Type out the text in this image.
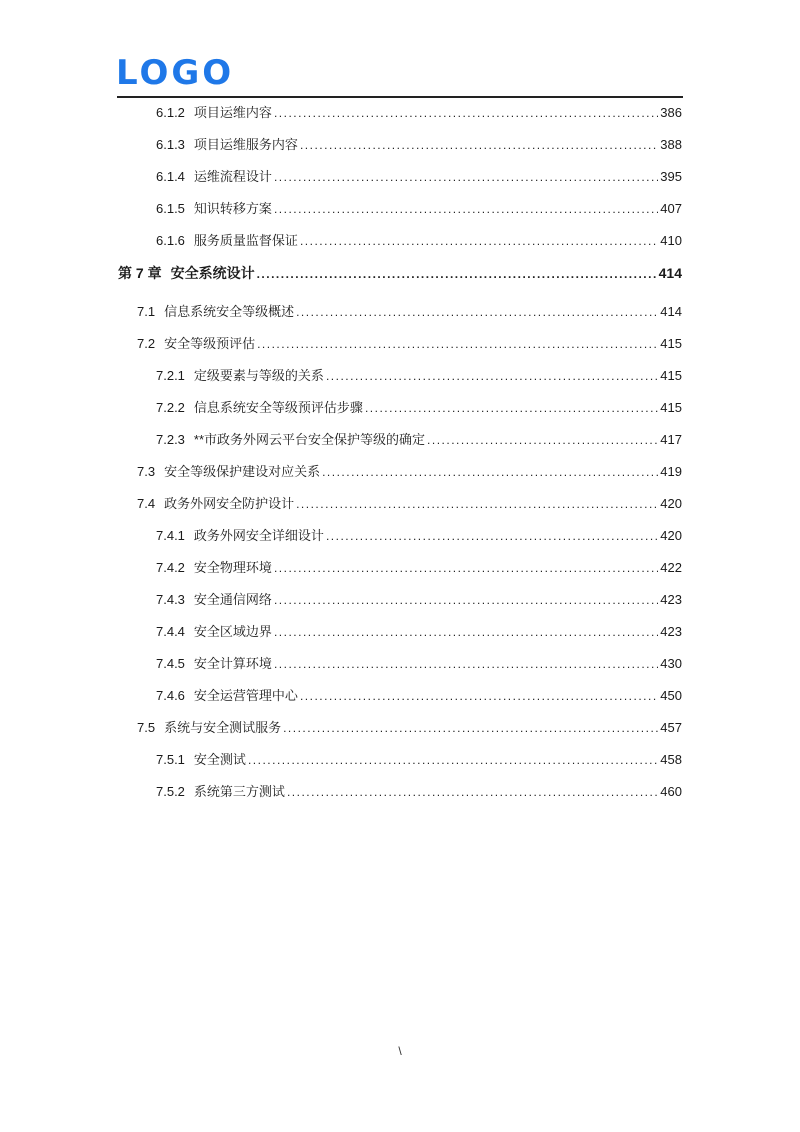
LOGO
6.1.2 项目运维内容 .....	386
6.1.3 项目运维服务内容 .....	388
6.1.4 运维流程设计 .....	395
6.1.5 知识转移方案 .....	407
6.1.6 服务质量监督保证 .....	410
第 7 章 安全系统设计 .....	414
7.1 信息系统安全等级概述 .....	414
7.2 安全等级预评估 .....	415
7.2.1 定级要素与等级的关系 .....	415
7.2.2 信息系统安全等级预评估步骤 .....	415
7.2.3 **市政务外网云平台安全保护等级的确定 .....	417
7.3 安全等级保护建设对应关系 .....	419
7.4 政务外网安全防护设计 .....	420
7.4.1 政务外网安全详细设计 .....	420
7.4.2 安全物理环境 .....	422
7.4.3 安全通信网络 .....	423
7.4.4 安全区域边界 .....	423
7.4.5 安全计算环境 .....	430
7.4.6 安全运营管理中心 .....	450
7.5 系统与安全测试服务 .....	457
7.5.1 安全测试 .....	458
7.5.2 系统第三方测试 .....	460
\
